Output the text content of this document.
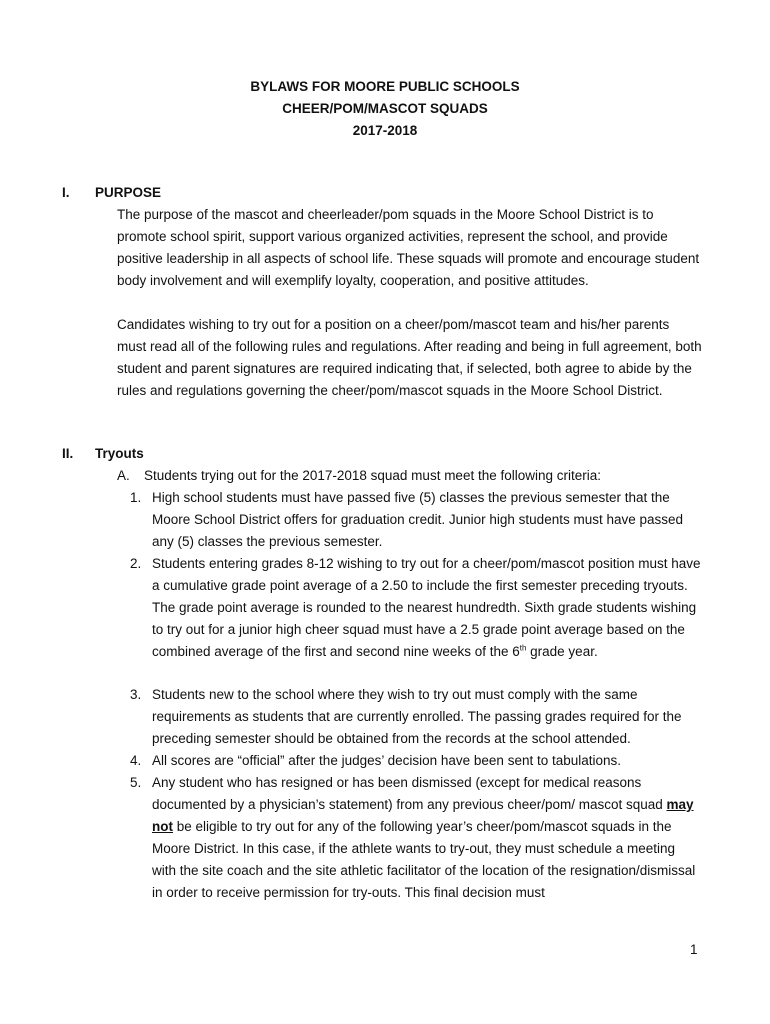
BYLAWS FOR MOORE PUBLIC SCHOOLS
CHEER/POM/MASCOT SQUADS
2017-2018
I. PURPOSE
The purpose of the mascot and cheerleader/pom squads in the Moore School District is to promote school spirit, support various organized activities, represent the school, and provide positive leadership in all aspects of school life. These squads will promote and encourage student body involvement and will exemplify loyalty, cooperation, and positive attitudes.
Candidates wishing to try out for a position on a cheer/pom/mascot team and his/her parents must read all of the following rules and regulations. After reading and being in full agreement, both student and parent signatures are required indicating that, if selected, both agree to abide by the rules and regulations governing the cheer/pom/mascot squads in the Moore School District.
II. Tryouts
A. Students trying out for the 2017-2018 squad must meet the following criteria:
1. High school students must have passed five (5) classes the previous semester that the Moore School District offers for graduation credit. Junior high students must have passed any (5) classes the previous semester.
2. Students entering grades 8-12 wishing to try out for a cheer/pom/mascot position must have a cumulative grade point average of a 2.50 to include the first semester preceding tryouts. The grade point average is rounded to the nearest hundredth. Sixth grade students wishing to try out for a junior high cheer squad must have a 2.5 grade point average based on the combined average of the first and second nine weeks of the 6th grade year.
3. Students new to the school where they wish to try out must comply with the same requirements as students that are currently enrolled. The passing grades required for the preceding semester should be obtained from the records at the school attended.
4. All scores are “official” after the judges’ decision have been sent to tabulations.
5. Any student who has resigned or has been dismissed (except for medical reasons documented by a physician’s statement) from any previous cheer/pom/ mascot squad may not be eligible to try out for any of the following year’s cheer/pom/mascot squads in the Moore District. In this case, if the athlete wants to try-out, they must schedule a meeting with the site coach and the site athletic facilitator of the location of the resignation/dismissal in order to receive permission for try-outs. This final decision must
1
